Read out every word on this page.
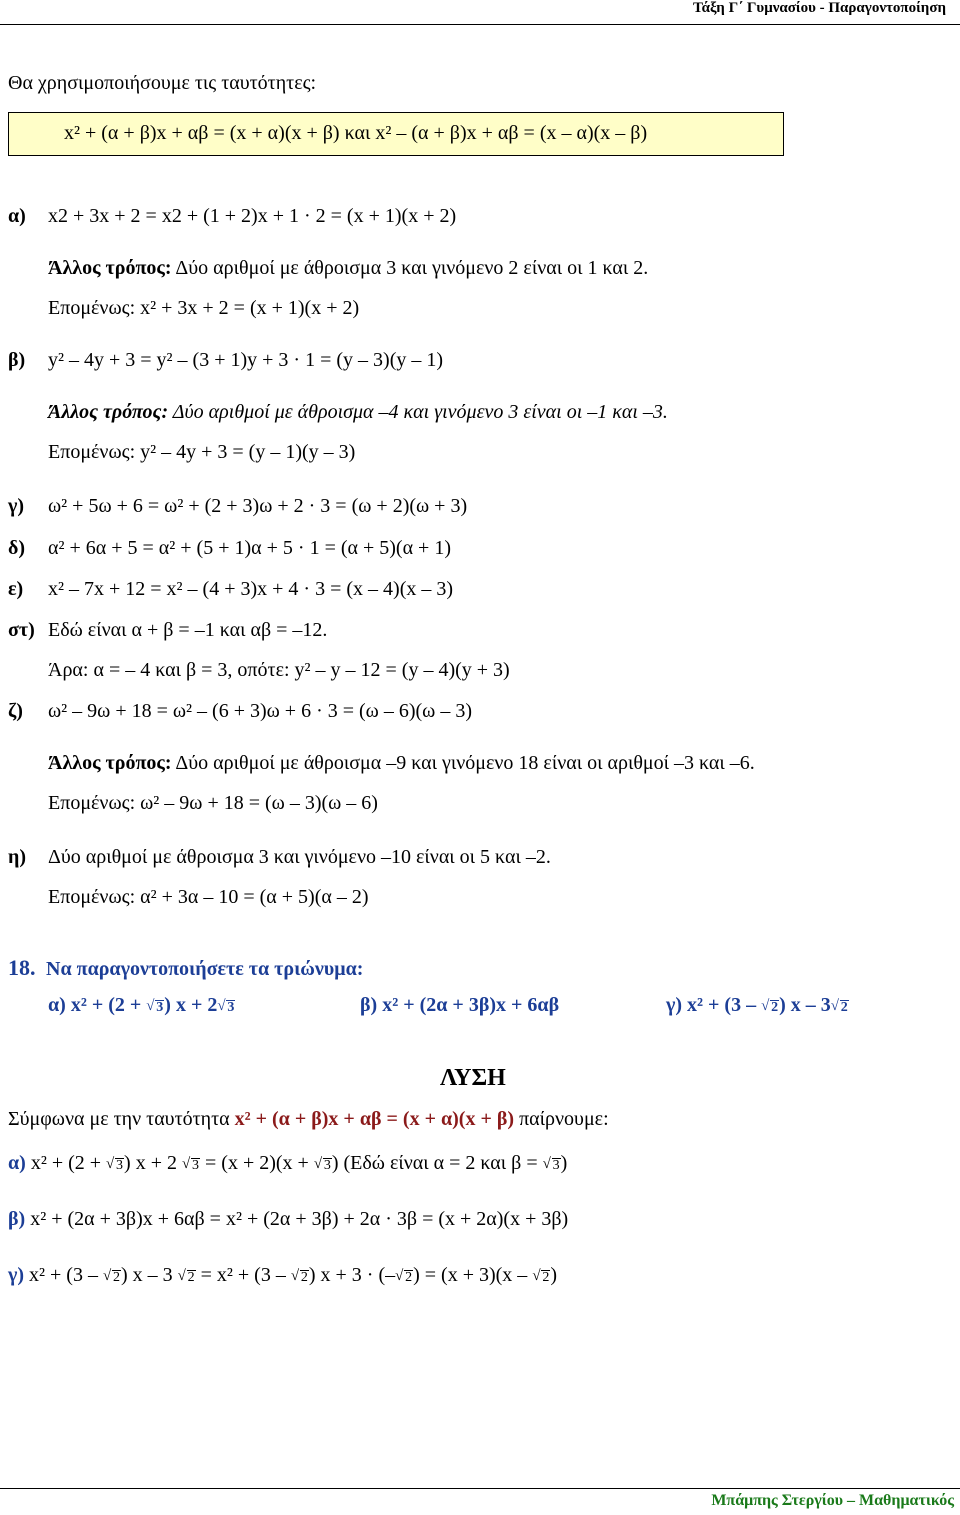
Τάξη Γ΄ Γυμνασίου - Παραγοντοποίηση
Θα χρησιμοποιήσουμε τις ταυτότητες:
x² + (α + β)x + αβ = (x + α)(x + β) και x² – (α + β)x + αβ = (x – α)(x – β)
α) x2 + 3x + 2 = x2 + (1 + 2)x + 1 · 2 = (x + 1)(x + 2)
Άλλος τρόπος: Δύο αριθμοί με άθροισμα 3 και γινόμενο 2 είναι οι 1 και 2.
Επομένως: x² + 3x + 2 = (x + 1)(x + 2)
β) y² – 4y + 3 = y² – (3 + 1)y + 3 · 1 = (y – 3)(y – 1)
Άλλος τρόπος: Δύο αριθμοί με άθροισμα –4 και γινόμενο 3 είναι οι –1 και –3.
Επομένως: y² – 4y + 3 = (y – 1)(y – 3)
γ) ω² + 5ω + 6 = ω² + (2 + 3)ω + 2 · 3 = (ω + 2)(ω + 3)
δ) α² + 6α + 5 = α² + (5 + 1)α + 5 · 1 = (α + 5)(α + 1)
ε) x² – 7x + 12 = x² – (4 + 3)x + 4 · 3 = (x – 4)(x – 3)
στ) Εδώ είναι α + β = –1 και αβ = –12.
Άρα: α = – 4 και β = 3, οπότε: y² – y – 12 = (y – 4)(y + 3)
ζ) ω² – 9ω + 18 = ω² – (6 + 3)ω + 6 · 3 = (ω – 6)(ω – 3)
Άλλος τρόπος: Δύο αριθμοί με άθροισμα –9 και γινόμενο 18 είναι οι αριθμοί –3 και –6.
Επομένως: ω² – 9ω + 18 = (ω – 3)(ω – 6)
η) Δύο αριθμοί με άθροισμα 3 και γινόμενο –10 είναι οι 5 και –2.
Επομένως: α² + 3α – 10 = (α + 5)(α – 2)
18. Να παραγοντοποιήσετε τα τριώνυμα:
α) x² + (2 + √ 3) x + 2 √ 3	β) x² + (2α + 3β)x + 6αβ	γ) x² + (3 – √ 2) x – 3 √ 2
ΛΥΣΗ
Σύμφωνα με την ταυτότητα x² + (α + β)x + αβ = (x + α)(x + β) παίρνουμε:
α) x² + (2 + √ 3) x + 2 √ 3 = (x + 2)(x + √ 3) (Εδώ είναι α = 2 και β = √ 3)
β) x² + (2α + 3β)x + 6αβ = x² + (2α + 3β) + 2α · 3β = (x + 2α)(x + 3β)
γ) x² + (3 – √ 2) x – 3 √ 2 = x² + (3 – √ 2) x + 3 · (– √ 2) = (x + 3)(x – √ 2)
Μπάμπης Στεργίου – Μαθηματικός
